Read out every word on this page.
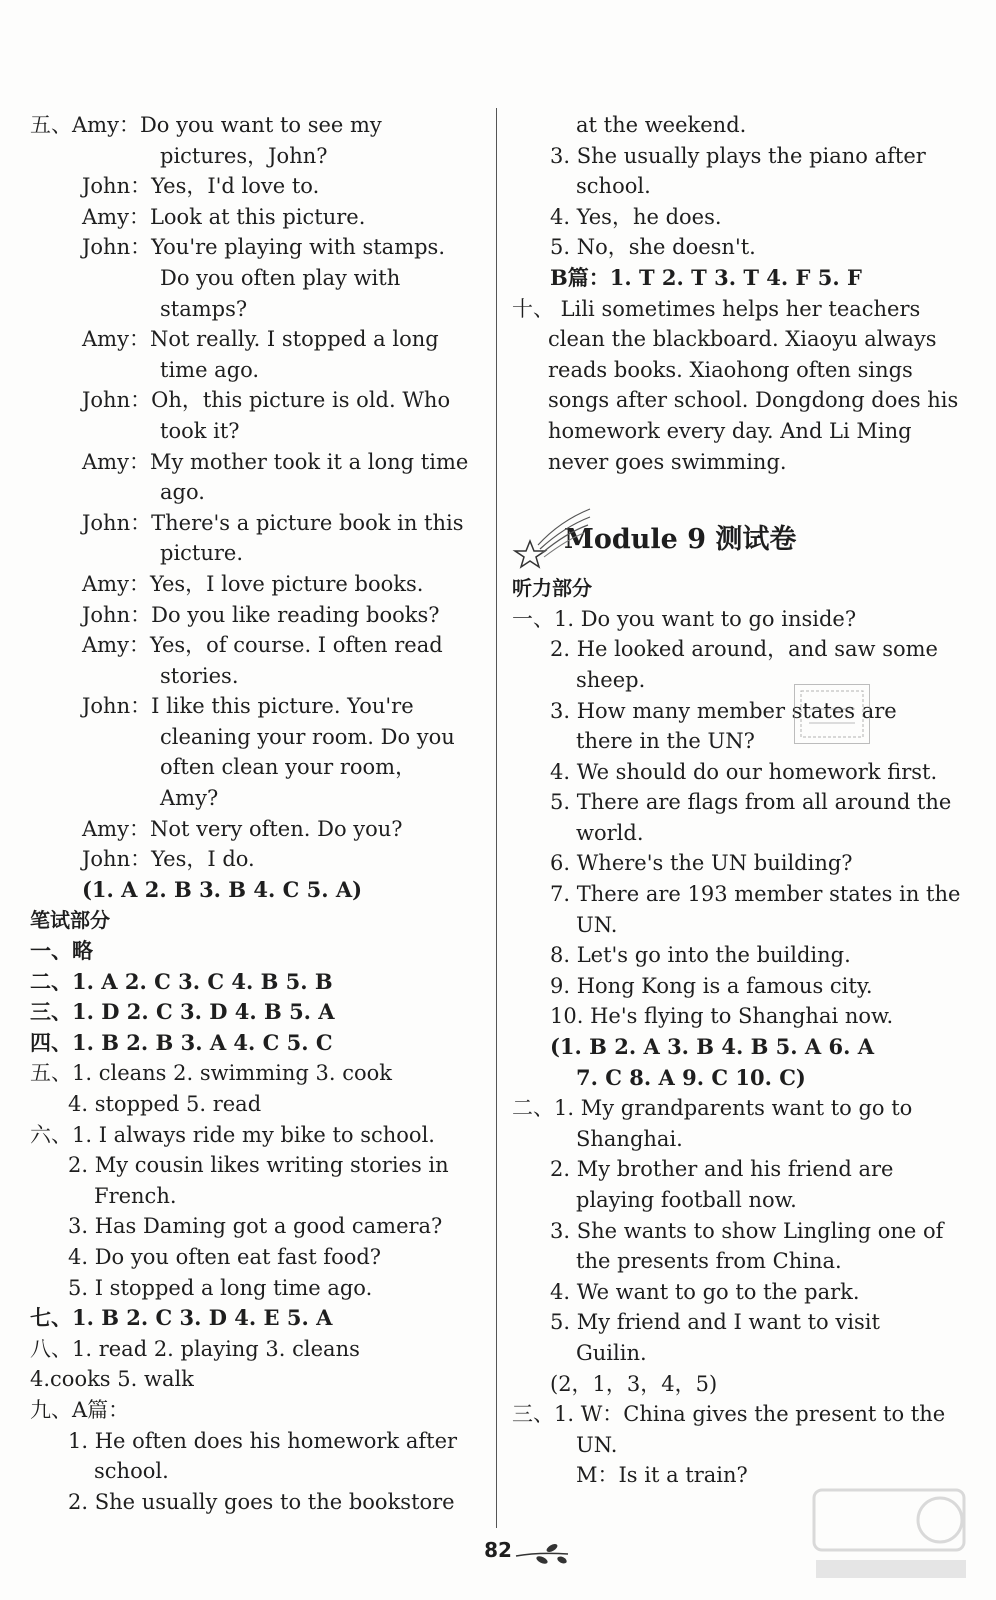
五、Amy：Do you want to see my
pictures，John?
John：Yes，I'd love to.
Amy：Look at this picture.
John：You're playing with stamps.
Do you often play with
stamps?
Amy：Not really. I stopped a long
time ago.
John：Oh，this picture is old. Who
took it?
Amy：My mother took it a long time
ago.
John：There's a picture book in this
picture.
Amy：Yes，I love picture books.
John：Do you like reading books?
Amy：Yes，of course. I often read
stories.
John：I like this picture. You're
cleaning your room. Do you
often clean your room，
Amy?
Amy：Not very often. Do you?
John：Yes，I do.
(1. A 2. B 3. B 4. C 5. A)
笔试部分
一、略
二、1. A 2. C 3. C 4. B 5. B
三、1. D 2. C 3. D 4. B 5. A
四、1. B 2. B 3. A 4. C 5. C
五、1. cleans 2. swimming 3. cook
4. stopped 5. read
六、1. I always ride my bike to school.
2. My cousin likes writing stories in
French.
3. Has Daming got a good camera?
4. Do you often eat fast food?
5. I stopped a long time ago.
七、1. B 2. C 3. D 4. E 5. A
八、1. read 2. playing 3. cleans
4.cooks 5. walk
九、A篇：
1. He often does his homework after
school.
2. She usually goes to the bookstore
at the weekend.
3. She usually plays the piano after
school.
4. Yes，he does.
5. No，she doesn't.
B篇：1. T 2. T 3. T 4. F 5. F
十、 Lili sometimes helps her teachers
clean the blackboard. Xiaoyu always
reads books. Xiaohong often sings
songs after school. Dongdong does his
homework every day. And Li Ming
never goes swimming.
Module 9 测试卷
听力部分
一、1. Do you want to go inside?
2. He looked around，and saw some
sheep.
3. How many member states are
there in the UN?
4. We should do our homework first.
5. There are flags from all around the
world.
6. Where's the UN building?
7. There are 193 member states in the
UN.
8. Let's go into the building.
9. Hong Kong is a famous city.
10. He's flying to Shanghai now.
(1. B 2. A 3. B 4. B 5. A 6. A
7. C 8. A 9. C 10. C)
二、1. My grandparents want to go to
Shanghai.
2. My brother and his friend are
playing football now.
3. She wants to show Lingling one of
the presents from China.
4. We want to go to the park.
5. My friend and I want to visit
Guilin.
(2，1，3，4，5)
三、1. W：China gives the present to the
UN.
M：Is it a train?
82
